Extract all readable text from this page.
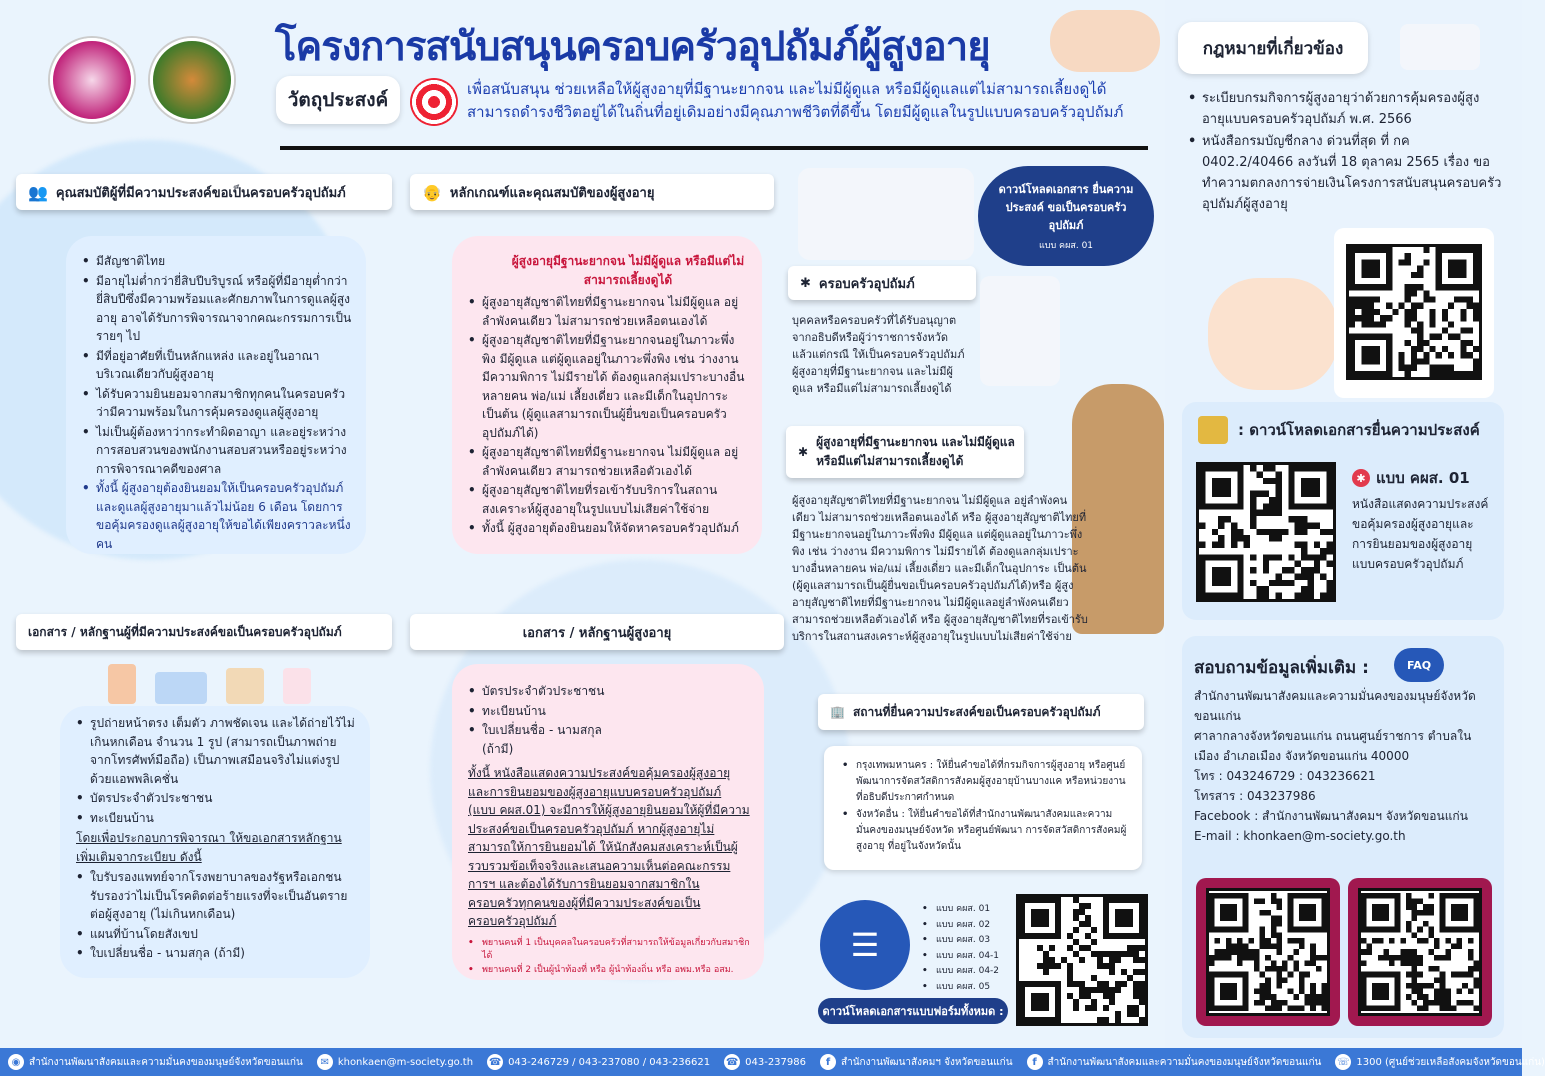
โครงการสนับสนุนครอบครัวอุปถัมภ์ผู้สูงอายุ
วัตถุประสงค์	เพื่อสนับสนุน ช่วยเหลือให้ผู้สูงอายุที่มีฐานะยากจน และไม่มีผู้ดูแล หรือมีผู้ดูแลแต่ไม่สามารถเลี้ยงดูได้ สามารถดำรงชีวิตอยู่ได้ในถิ่นที่อยู่เดิมอย่างมีคุณภาพชีวิตที่ดีขึ้น โดยมีผู้ดูแลในรูปแบบครอบครัวอุปถัมภ์
👥 คุณสมบัติผู้ที่มีความประสงค์ขอเป็นครอบครัวอุปถัมภ์
• มีสัญชาติไทย
• มีอายุไม่ต่ำกว่ายี่สิบปีบริบูรณ์ หรือผู้ที่มีอายุต่ำกว่ายี่สิบปีซึ่งมีความพร้อมและศักยภาพในการดูแลผู้สูงอายุ อาจได้รับการพิจารณาจากคณะกรรมการเป็นรายๆ ไป
• มีที่อยู่อาศัยที่เป็นหลักแหล่ง และอยู่ในอาณาบริเวณเดียวกับผู้สูงอายุ
• ได้รับความยินยอมจากสมาชิกทุกคนในครอบครัวว่ามีความพร้อมในการคุ้มครองดูแลผู้สูงอายุ
• ไม่เป็นผู้ต้องหาว่ากระทำผิดอาญา และอยู่ระหว่างการสอบสวนของพนักงานสอบสวนหรืออยู่ระหว่างการพิจารณาคดีของศาล
• ทั้งนี้ ผู้สูงอายุต้องยินยอมให้เป็นครอบครัวอุปถัมภ์และดูแลผู้สูงอายุมาแล้วไม่น้อย 6 เดือน โดยการขอคุ้มครองดูแลผู้สูงอายุให้ขอได้เพียงคราวละหนึ่งคน
👴 หลักเกณฑ์และคุณสมบัติของผู้สูงอายุ
ผู้สูงอายุมีฐานะยากจน ไม่มีผู้ดูแล หรือมีแต่ไม่สามารถเลี้ยงดูได้
• ผู้สูงอายุสัญชาติไทยที่มีฐานะยากจน ไม่มีผู้ดูแล อยู่ลำพังคนเดียว ไม่สามารถช่วยเหลือตนเองได้
• ผู้สูงอายุสัญชาติไทยที่มีฐานะยากจนอยู่ในภาวะพึ่งพิง มีผู้ดูแล แต่ผู้ดูแลอยู่ในภาวะพึ่งพิง เช่น ว่างงาน มีความพิการ ไม่มีรายได้ ต้องดูแลกลุ่มเปราะบางอื่นหลายคน พ่อ/แม่ เลี้ยงเดี่ยว และมีเด็กในอุปการะเป็นต้น (ผู้ดูแลสามารถเป็นผู้ยื่นขอเป็นครอบครัวอุปถัมภ์ได้)
• ผู้สูงอายุสัญชาติไทยที่มีฐานะยากจน ไม่มีผู้ดูแล อยู่ลำพังคนเดียว สามารถช่วยเหลือตัวเองได้
• ผู้สูงอายุสัญชาติไทยที่รอเข้ารับบริการในสถานสงเคราะห์ผู้สูงอายุในรูปแบบไม่เสียค่าใช้จ่าย
• ทั้งนี้ ผู้สูงอายุต้องยินยอมให้จัดหาครอบครัวอุปถัมภ์
ดาวน์โหลดเอกสาร ยื่นความประสงค์ ขอเป็นครอบครัวอุปถัมภ์
แบบ คผส. 01
✱ ครอบครัวอุปถัมภ์
บุคคลหรือครอบครัวที่ได้รับอนุญาตจากอธิบดีหรือผู้ว่าราชการจังหวัด แล้วแต่กรณี ให้เป็นครอบครัวอุปถัมภ์ผู้สูงอายุที่มีฐานะยากจน และไม่มีผู้ดูแล หรือมีแต่ไม่สามารถเลี้ยงดูได้
✱
ผู้สูงอายุที่มีฐานะยากจน และไม่มีผู้ดูแล หรือมีแต่ไม่สามารถเลี้ยงดูได้
ผู้สูงอายุสัญชาติไทยที่มีฐานะยากจน ไม่มีผู้ดูแล อยู่ลำพังคนเดียว ไม่สามารถช่วยเหลือตนเองได้ หรือ ผู้สูงอายุสัญชาติไทยที่มีฐานะยากจนอยู่ในภาวะพึ่งพิง มีผู้ดูแล แต่ผู้ดูแลอยู่ในภาวะพึ่งพิง เช่น ว่างงาน มีความพิการ ไม่มีรายได้ ต้องดูแลกลุ่มเปราะบางอื่นหลายคน พ่อ/แม่ เลี้ยงเดี่ยว และมีเด็กในอุปการะ เป็นต้น (ผู้ดูแลสามารถเป็นผู้ยื่นขอเป็นครอบครัวอุปถัมภ์ได้)หรือ ผู้สูงอายุสัญชาติไทยที่มีฐานะยากจน ไม่มีผู้ดูแลอยู่ลำพังคนเดียว สามารถช่วยเหลือตัวเองได้ หรือ ผู้สูงอายุสัญชาติไทยที่รอเข้ารับบริการในสถานสงเคราะห์ผู้สูงอายุในรูปแบบไม่เสียค่าใช้จ่าย
เอกสาร / หลักฐานผู้ที่มีความประสงค์ขอเป็นครอบครัวอุปถัมภ์

• รูปถ่ายหน้าตรง เต็มตัว ภาพชัดเจน และได้ถ่ายไว้ไม่เกินหกเดือน จำนวน 1 รูป (สามารถเป็นภาพถ่ายจากโทรศัพท์มือถือ) เป็นภาพเสมือนจริงไม่แต่งรูปด้วยแอพพลิเคชั่น
• บัตรประจำตัวประชาชน
• ทะเบียนบ้าน
โดยเพื่อประกอบการพิจารณา ให้ขอเอกสารหลักฐานเพิ่มเติมจากระเบียบ ดังนี้
• ใบรับรองแพทย์จากโรงพยาบาลของรัฐหรือเอกชน รับรองว่าไม่เป็นโรคติดต่อร้ายแรงที่จะเป็นอันตรายต่อผู้สูงอายุ (ไม่เกินหกเดือน)
• แผนที่บ้านโดยสังเขป
• ใบเปลี่ยนชื่อ - นามสกุล (ถ้ามี)
เอกสาร / หลักฐานผู้สูงอายุ
• บัตรประจำตัวประชาชน
• ทะเบียนบ้าน
• ใบเปลี่ยนชื่อ - นามสกุล (ถ้ามี)
ทั้งนี้ หนังสือแสดงความประสงค์ขอคุ้มครองผู้สูงอายุและการยินยอมของผู้สูงอายุแบบครอบครัวอุปถัมภ์ (แบบ คผส.01) จะมีการให้ผู้สูงอายุยินยอมให้ผู้ที่มีความประสงค์ขอเป็นครอบครัวอุปถัมภ์ หากผู้สูงอายุไม่สามารถให้การยินยอมได้ ให้นักสังคมสงเคราะห์เป็นผู้รวบรวมข้อเท็จจริงและเสนอความเห็นต่อคณะกรรมการฯ และต้องได้รับการยินยอมจากสมาชิกในครอบครัวทุกคนของผู้ที่มีความประสงค์ขอเป็นครอบครัวอุปถัมภ์
• พยานคนที่ 1 เป็นบุคคลในครอบครัวที่สามารถให้ข้อมูลเกี่ยวกับสมาชิกได้
• พยานคนที่ 2 เป็นผู้นำท้องที่ หรือ ผู้นำท้องถิ่น หรือ อพม.หรือ อสม.
🏢 สถานที่ยื่นความประสงค์ขอเป็นครอบครัวอุปถัมภ์
• กรุงเทพมหานคร : ให้ยื่นคำขอได้ที่กรมกิจการผู้สูงอายุ หรือศูนย์พัฒนาการจัดสวัสดิการสังคมผู้สูงอายุบ้านบางแค หรือหน่วยงานที่อธิบดีประกาศกำหนด
• จังหวัดอื่น : ให้ยื่นคำขอได้ที่สำนักงานพัฒนาสังคมและความมั่นคงของมนุษย์จังหวัด หรือศูนย์พัฒนา การจัดสวัสดิการสังคมผู้สูงอายุ ที่อยู่ในจังหวัดนั้น
☰
• แบบ คผส. 01
• แบบ คผส. 02
• แบบ คผส. 03
• แบบ คผส. 04-1
• แบบ คผส. 04-2
• แบบ คผส. 05
ดาวน์โหลดเอกสารแบบฟอร์มทั้งหมด :
กฎหมายที่เกี่ยวข้อง
• ระเบียบกรมกิจการผู้สูงอายุว่าด้วยการคุ้มครองผู้สูงอายุแบบครอบครัวอุปถัมภ์ พ.ศ. 2566
• หนังสือกรมบัญชีกลาง ด่วนที่สุด ที่ กค 0402.2/40466 ลงวันที่ 18 ตุลาคม 2565 เรื่อง ขอทำความตกลงการจ่ายเงินโครงการสนับสนุนครอบครัวอุปถัมภ์ผู้สูงอายุ
: ดาวน์โหลดเอกสารยื่นความประสงค์
✱ แบบ คผส. 01
หนังสือแสดงความประสงค์ขอคุ้มครองผู้สูงอายุและการยินยอมของผู้สูงอายุแบบครอบครัวอุปถัมภ์
สอบถามข้อมูลเพิ่มเติม :	FAQ
สำนักงานพัฒนาสังคมและความมั่นคงของมนุษย์จังหวัดขอนแก่น
ศาลากลางจังหวัดขอนแก่น ถนนศูนย์ราชการ ตำบลในเมือง อำเภอเมือง จังหวัดขอนแก่น 40000
โทร : 043246729 : 043236621
โทรสาร : 043237986
Facebook : สำนักงานพัฒนาสังคมฯ จังหวัดขอนแก่น
E-mail : khonkaen@m-society.go.th
◉ สำนักงานพัฒนาสังคมและความมั่นคงของมนุษย์จังหวัดขอนแก่น	✉ khonkaen@m-society.go.th ☎ 043-246729 / 043-237080 / 043-236621 ☎ 043-237986	f	สำนักงานพัฒนาสังคมฯ จังหวัดขอนแก่น	f	สำนักงานพัฒนาสังคมและความมั่นคงของมนุษย์จังหวัดขอนแก่น ☏ 1300 (ศูนย์ช่วยเหลือสังคมจังหวัดขอนแก่น)
